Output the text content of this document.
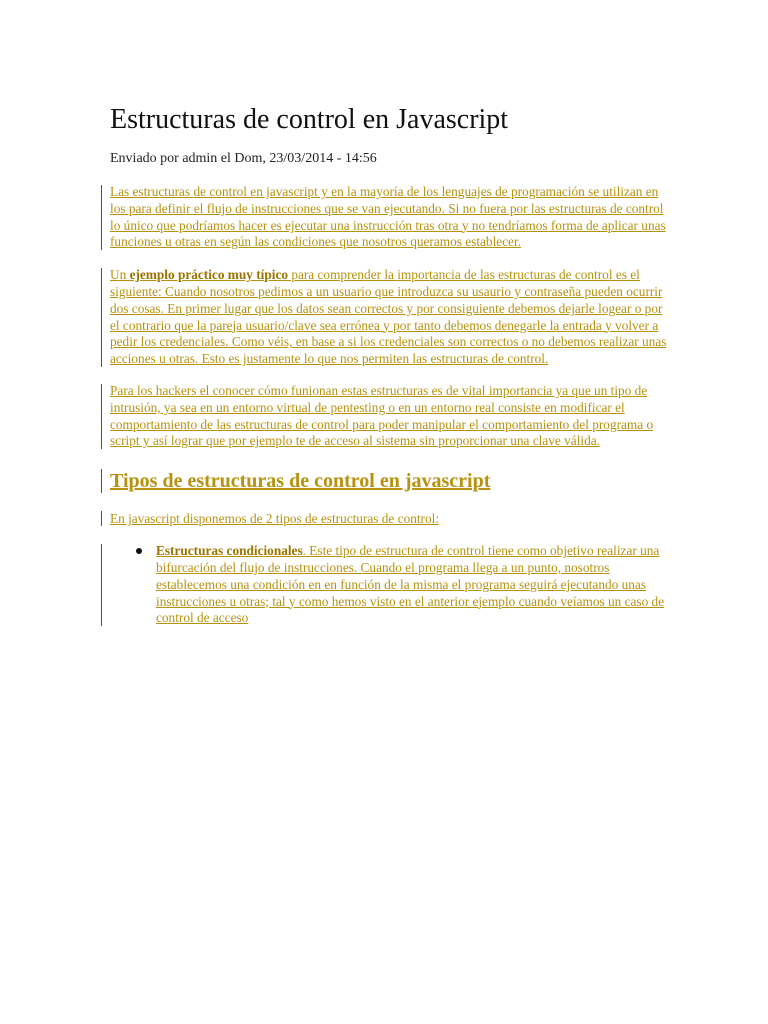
Estructuras de control en Javascript
Enviado por admin el Dom, 23/03/2014 - 14:56

Las estructuras de control en javascript y en la mayoría de los lenguajes de programación se utilizan en los para definir el flujo de instrucciones que se van ejecutando. Si no fuera por las estructuras de control lo único que podríamos hacer es ejecutar una instrucción tras otra y no tendríamos forma de aplicar unas funciones u otras en según las condiciones que nosotros queramos establecer.

Un ejemplo práctico muy típico para comprender la importancia de las estructuras de control es el siguiente: Cuando nosotros pedimos a un usuario que introduzca su usaurio y contraseña pueden ocurrir dos cosas. En primer lugar que los datos sean correctos y por consiguiente debemos dejarle logear o por el contrario que la pareja usuario/clave sea errónea y por tanto debemos denegarle la entrada y volver a pedir los credenciales. Como véis, en base a si los credenciales son correctos o no debemos realizar unas acciones u otras. Esto es justamente lo que nos permiten las estructuras de control.

Para los hackers el conocer cómo funionan estas estructuras es de vital importancia ya que un tipo de intrusión, ya sea en un entorno virtual de pentesting o en un entorno real consiste en modificar el comportamiento de las estructuras de control para poder manipular el comportamiento del programa o script y así lograr que por ejemplo te de acceso al sistema sin proporcionar una clave válida.

Tipos de estructuras de control en javascript
En javascript disponemos de 2 tipos de estructuras de control:
Estructuras condicionales. Este tipo de estructura de control tiene como objetivo realizar una bifurcación del flujo de instrucciones. Cuando el programa llega a un punto, nosotros establecemos una condición en en función de la misma el programa seguirá ejecutando unas instrucciones u otras; tal y como hemos visto en el anterior ejemplo cuando veíamos un caso de control de acceso
